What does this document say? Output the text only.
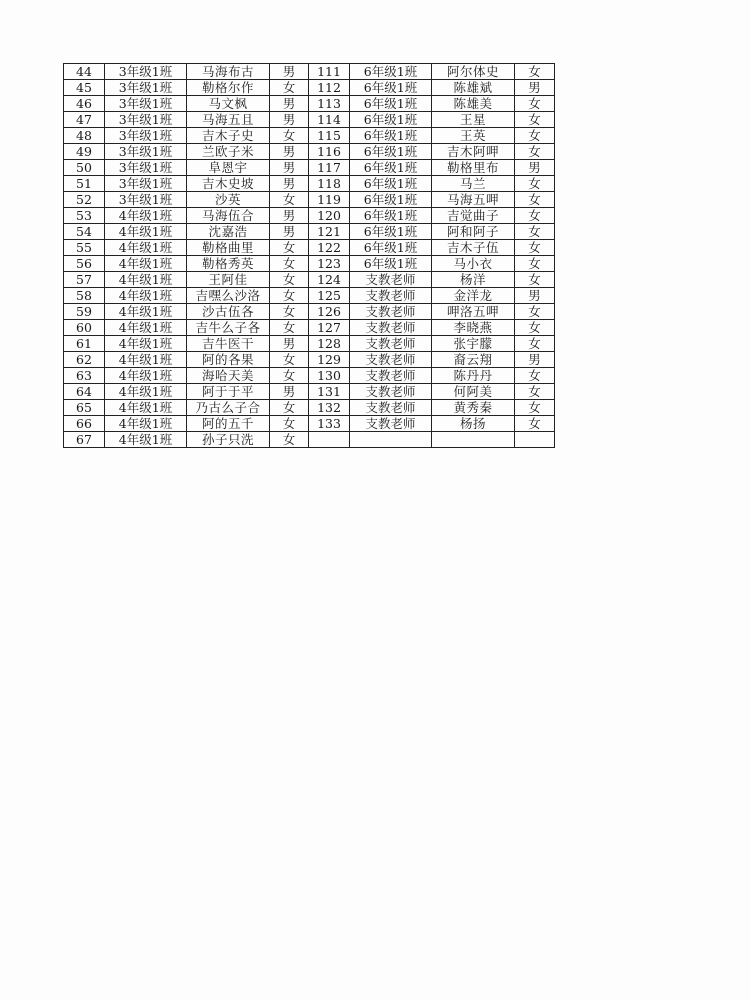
44	3年级1班	马海布古	男	111	6年级1班	阿尔体史	女
45	3年级1班	勒格尔作	女	112	6年级1班	陈雄斌	男
46	3年级1班	马文枫	男	113	6年级1班	陈雄美	女
47	3年级1班	马海五且	男	114	6年级1班	王星	女
48	3年级1班	吉木子史	女	115	6年级1班	王英	女
49	3年级1班	兰欧子米	男	116	6年级1班	吉木阿呷	女
50	3年级1班	阜恩宇	男	117	6年级1班	勒格里布	男
51	3年级1班	吉木史坡	男	118	6年级1班	马兰	女
52	3年级1班	沙英	女	119	6年级1班	马海五呷	女
53	4年级1班	马海伍合	男	120	6年级1班	吉觉曲子	女
54	4年级1班	沈嘉浩	男	121	6年级1班	阿和阿子	女
55	4年级1班	勒格曲里	女	122	6年级1班	吉木子伍	女
56	4年级1班	勒格秀英	女	123	6年级1班	马小衣	女
57	4年级1班	王阿佳	女	124	支教老师	杨洋	女
58	4年级1班	吉嘿么沙洛	女	125	支教老师	金洋龙	男
59	4年级1班	沙古伍各	女	126	支教老师	呷洛五呷	女
60	4年级1班	吉牛么子各	女	127	支教老师	李晓燕	女
61	4年级1班	吉牛医干	男	128	支教老师	张宇朦	女
62	4年级1班	阿的各果	女	129	支教老师	裔云翔	男
63	4年级1班	海哈天美	女	130	支教老师	陈丹丹	女
64	4年级1班	阿于于平	男	131	支教老师	何阿美	女
65	4年级1班	乃古么子合	女	132	支教老师	黄秀秦	女
66	4年级1班	阿的五千	女	133	支教老师	杨扬	女
67	4年级1班	孙子只洗	女				
